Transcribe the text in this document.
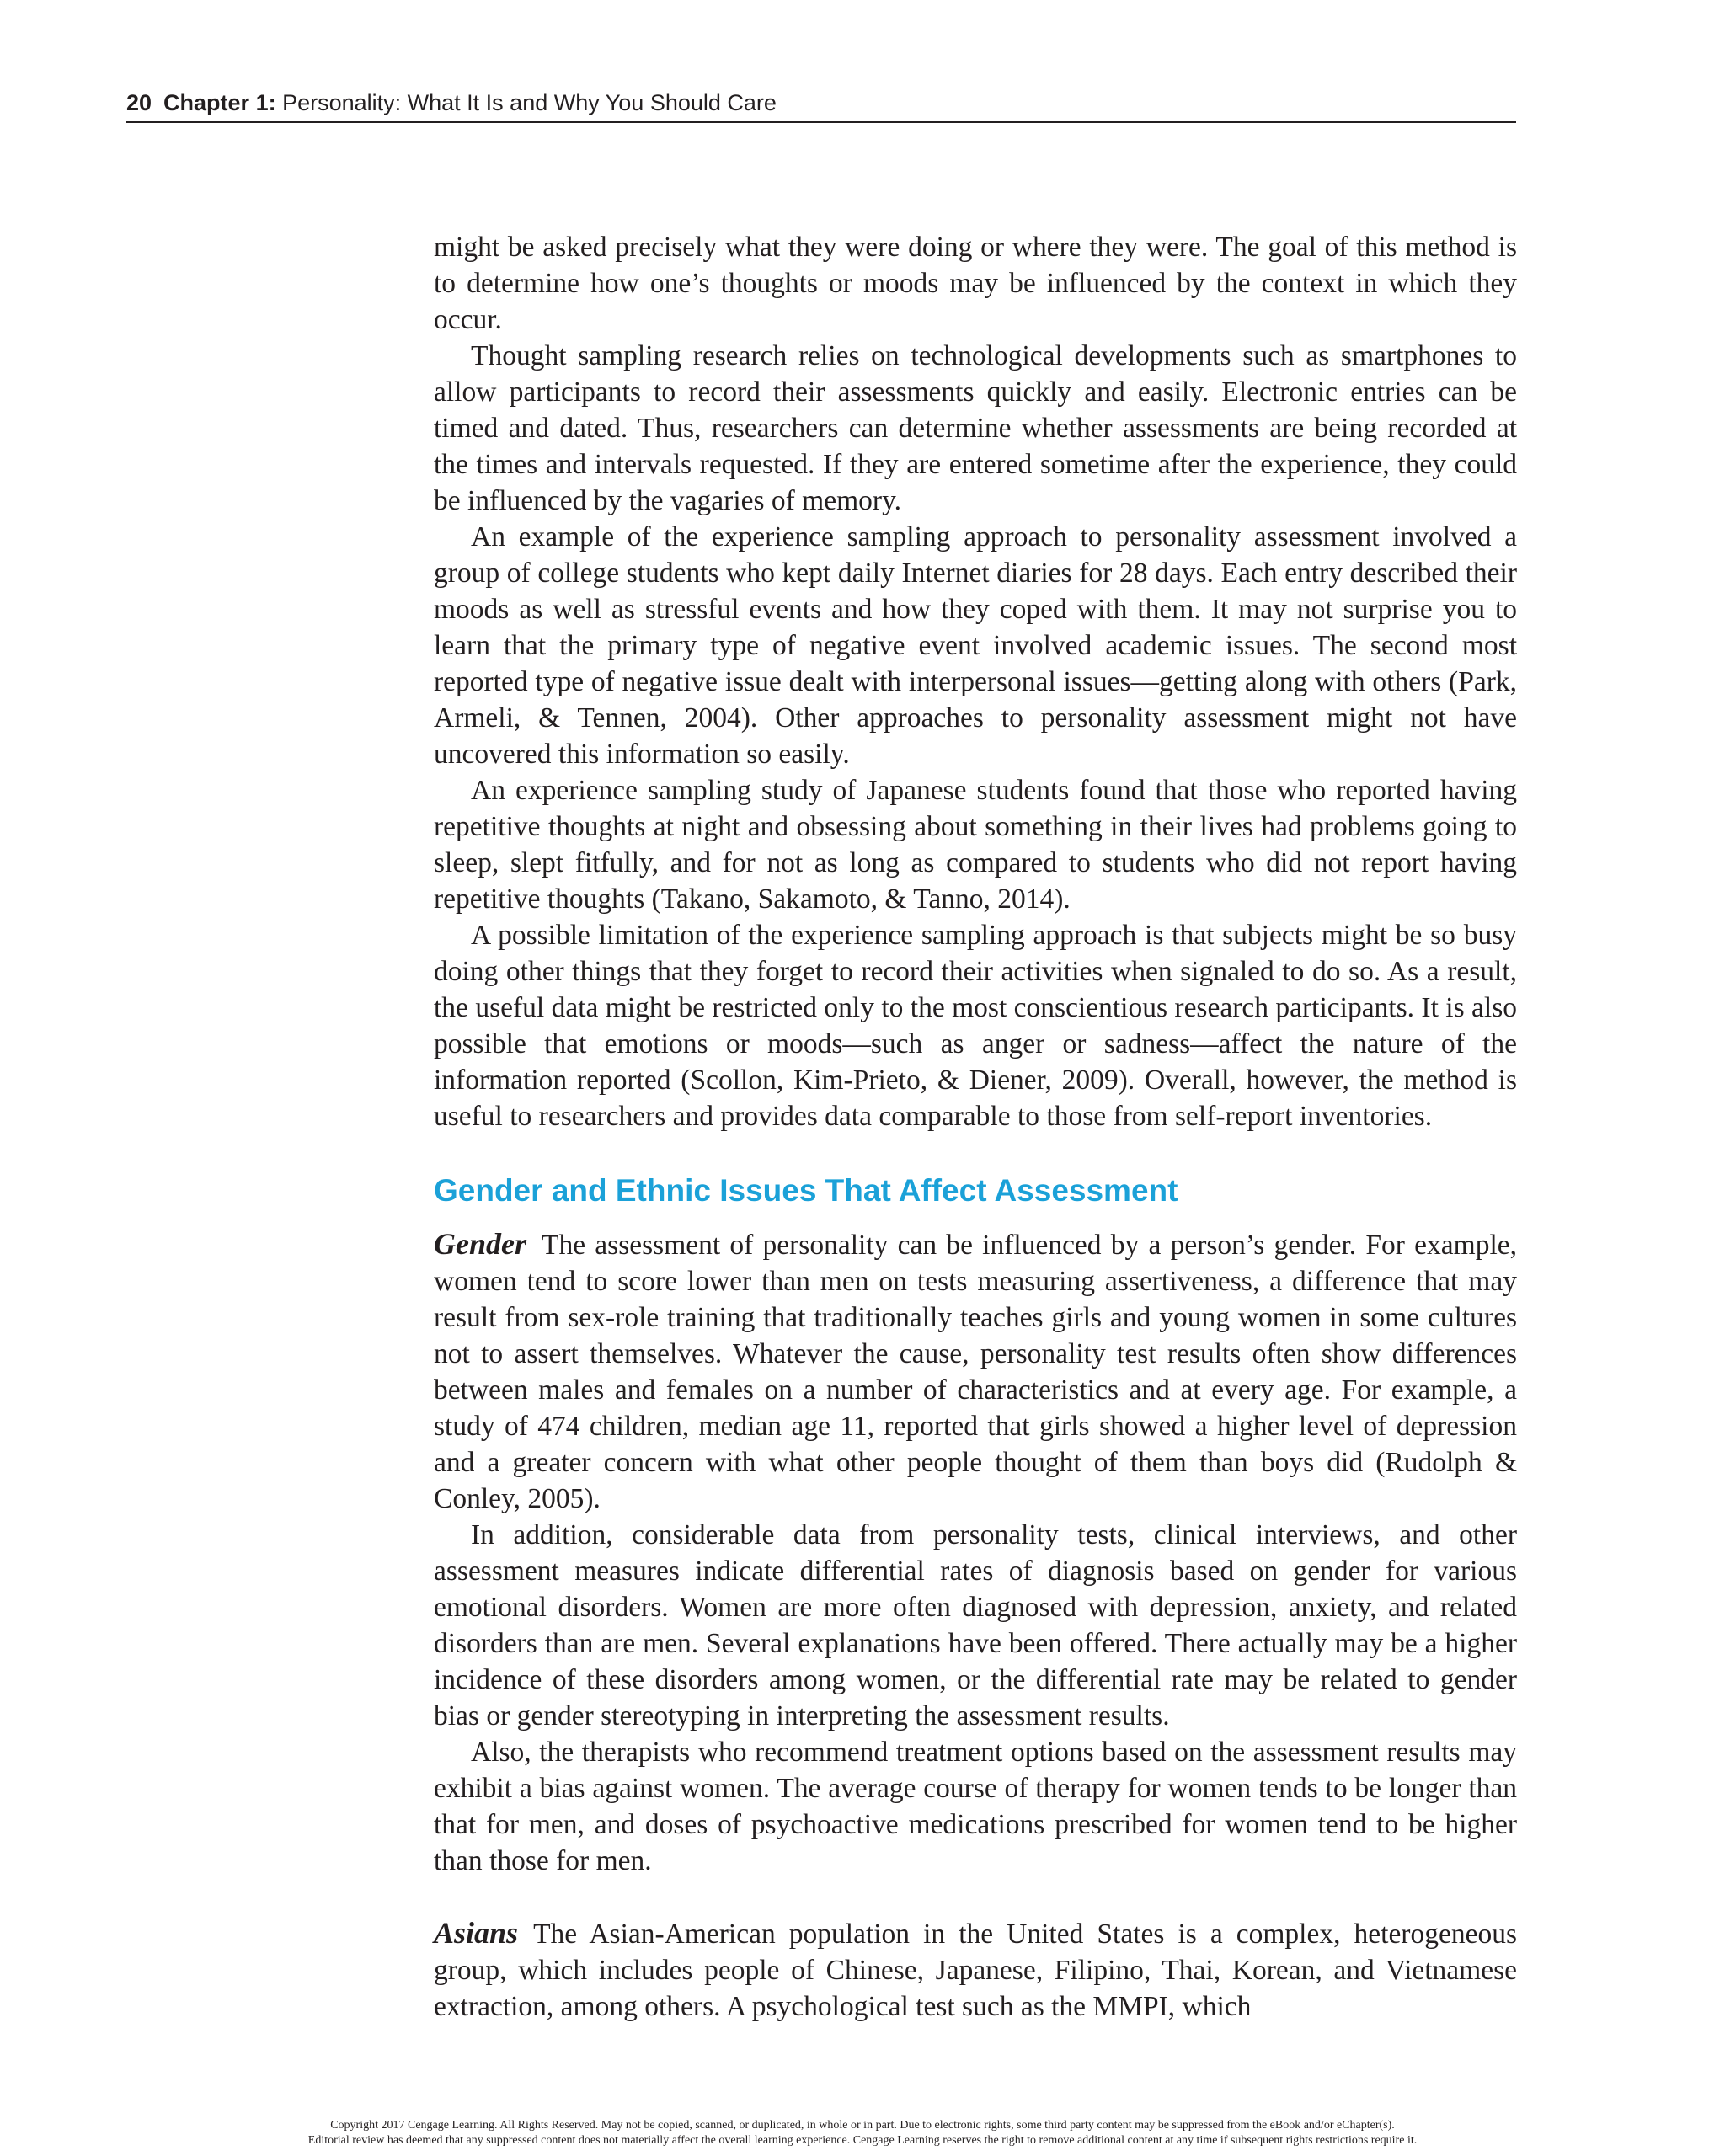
20 Chapter 1: Personality: What It Is and Why You Should Care

might be asked precisely what they were doing or where they were. The goal of this method is to determine how one’s thoughts or moods may be influenced by the context in which they occur.

Thought sampling research relies on technological developments such as smartphones to allow participants to record their assessments quickly and easily. Electronic entries can be timed and dated. Thus, researchers can determine whether assessments are being recorded at the times and intervals requested. If they are entered sometime after the experience, they could be influenced by the vagaries of memory.

An example of the experience sampling approach to personality assessment involved a group of college students who kept daily Internet diaries for 28 days. Each entry described their moods as well as stressful events and how they coped with them. It may not surprise you to learn that the primary type of negative event involved academic issues. The second most reported type of negative issue dealt with interpersonal issues—getting along with others (Park, Armeli, & Tennen, 2004). Other approaches to personality assessment might not have uncovered this information so easily.

An experience sampling study of Japanese students found that those who reported having repetitive thoughts at night and obsessing about something in their lives had problems going to sleep, slept fitfully, and for not as long as compared to students who did not report having repetitive thoughts (Takano, Sakamoto, & Tanno, 2014).

A possible limitation of the experience sampling approach is that subjects might be so busy doing other things that they forget to record their activities when signaled to do so. As a result, the useful data might be restricted only to the most conscientious research participants. It is also possible that emotions or moods—such as anger or sadness—affect the nature of the information reported (Scollon, Kim-Prieto, & Diener, 2009). Overall, however, the method is useful to researchers and provides data comparable to those from self-report inventories.

Gender and Ethnic Issues That Affect Assessment

Gender The assessment of personality can be influenced by a person’s gender. For example, women tend to score lower than men on tests measuring assertiveness, a difference that may result from sex-role training that traditionally teaches girls and young women in some cultures not to assert themselves. Whatever the cause, personality test results often show differences between males and females on a number of characteristics and at every age. For example, a study of 474 children, median age 11, reported that girls showed a higher level of depression and a greater concern with what other people thought of them than boys did (Rudolph & Conley, 2005).

In addition, considerable data from personality tests, clinical interviews, and other assessment measures indicate differential rates of diagnosis based on gender for various emotional disorders. Women are more often diagnosed with depression, anxiety, and related disorders than are men. Several explanations have been offered. There actually may be a higher incidence of these disorders among women, or the differential rate may be related to gender bias or gender stereotyping in interpreting the assessment results.

Also, the therapists who recommend treatment options based on the assessment results may exhibit a bias against women. The average course of therapy for women tends to be longer than that for men, and doses of psychoactive medications prescribed for women tend to be higher than those for men.

Asians The Asian-American population in the United States is a complex, heterogeneous group, which includes people of Chinese, Japanese, Filipino, Thai, Korean, and Vietnamese extraction, among others. A psychological test such as the MMPI, which

Copyright 2017 Cengage Learning. All Rights Reserved. May not be copied, scanned, or duplicated, in whole or in part. Due to electronic rights, some third party content may be suppressed from the eBook and/or eChapter(s).
Editorial review has deemed that any suppressed content does not materially affect the overall learning experience. Cengage Learning reserves the right to remove additional content at any time if subsequent rights restrictions require it.
